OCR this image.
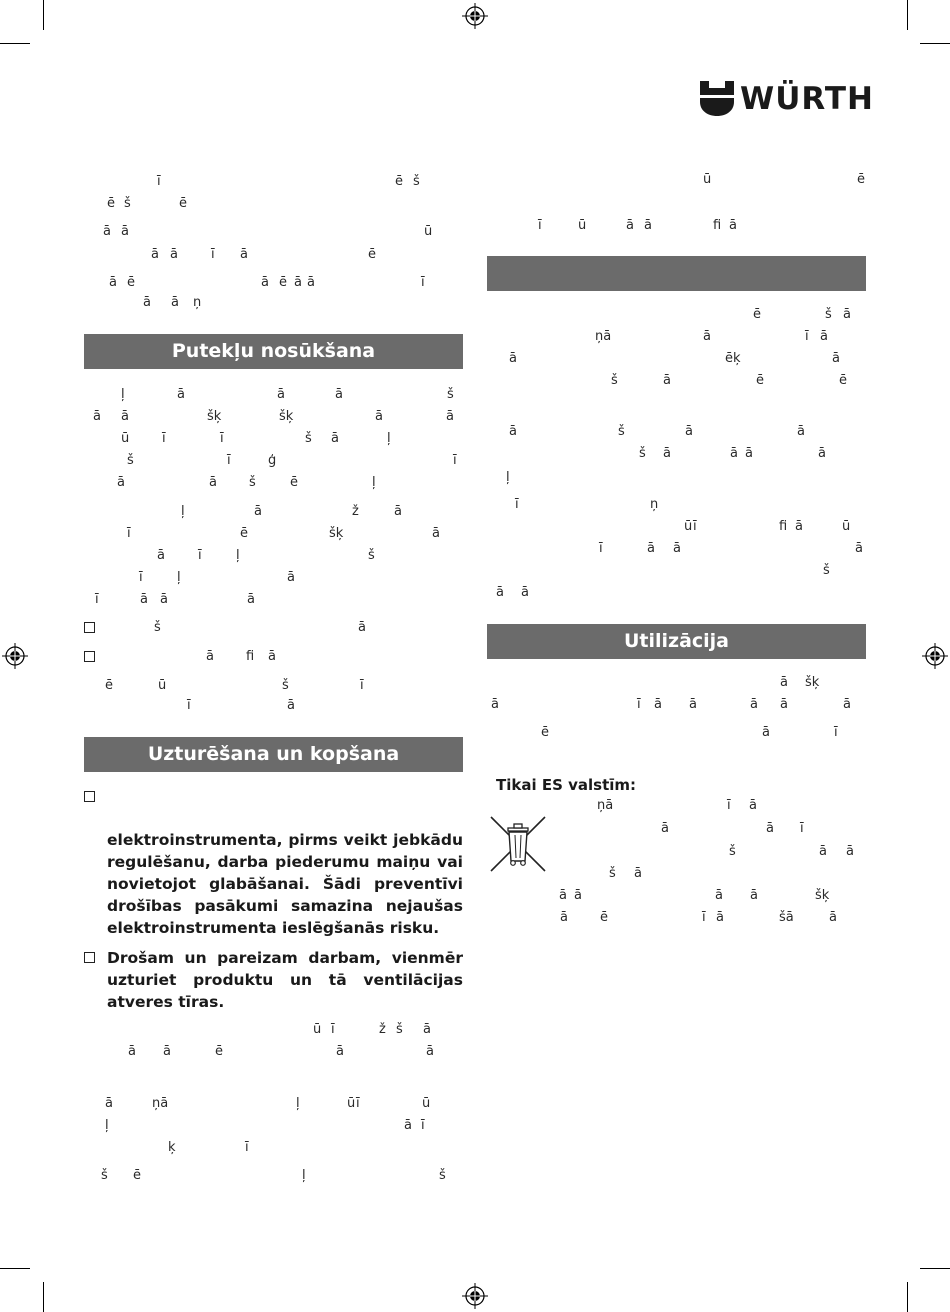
WÜRTH
Putekļu nosūkšana
Uzturēšana un kopšana
Utilizācija
elektroinstrumenta, pirms veikt jebkādu regulēšanu, darba piederumu maiņu vai novietojot glabāšanai. Šādi preventīvi drošības pasākumi samazina nejaušas elektroinstrumenta ieslēgšanās risku.
Drošam un pareizam darbam, vienmēr uzturiet produktu un tā ventilācijas atveres tīras.
Tikai ES valstīm:
ī	ē š
ē š	ē
ā ā	ū
ā ā	ī ā	ē
ā ē	ā ē ā ā	ī
ā ā ņ
ļ	ā	ā	ā	š
ā ā	šķ	šķ	ā	ā
ū	ī	ī	š ā	ļ
š	ī	ģ	ī
ā	ā š	ē	ļ
ļ	ā	ž	ā
ī	ē	šķ	ā
ā	ī	ļ	š
ī	ļ	ā
ī	ā ā	ā
š	ā
ā fi ā
ē	ū	š	ī
ī	ā
ū ī	ž š ā
ā ā	ē	ā	ā
ā	ņā	ļ	ū ī	ū
ļ	ā ī
ķ	ī
š ē	ļ	š
ū	ē
ī	ū	ā ā	fi ā
ē	š ā
ņā	ā	ī ā
ā	ēķ	ā
š	ā	ē	ē
ā	š	ā	ā
š ā	ā ā	ā
ļ
ī	ņ
ū ī	fi ā	ū
ī	ā ā	ā
š
ā ā
ā šķ
ā	ī ā ā	ā ā	ā
ē	ā	ī
ņā	ī ā
ā	ā ī
š	ā ā
š ā
ā ā	ā ā	šķ
ā ē	ī ā	šā	ā
